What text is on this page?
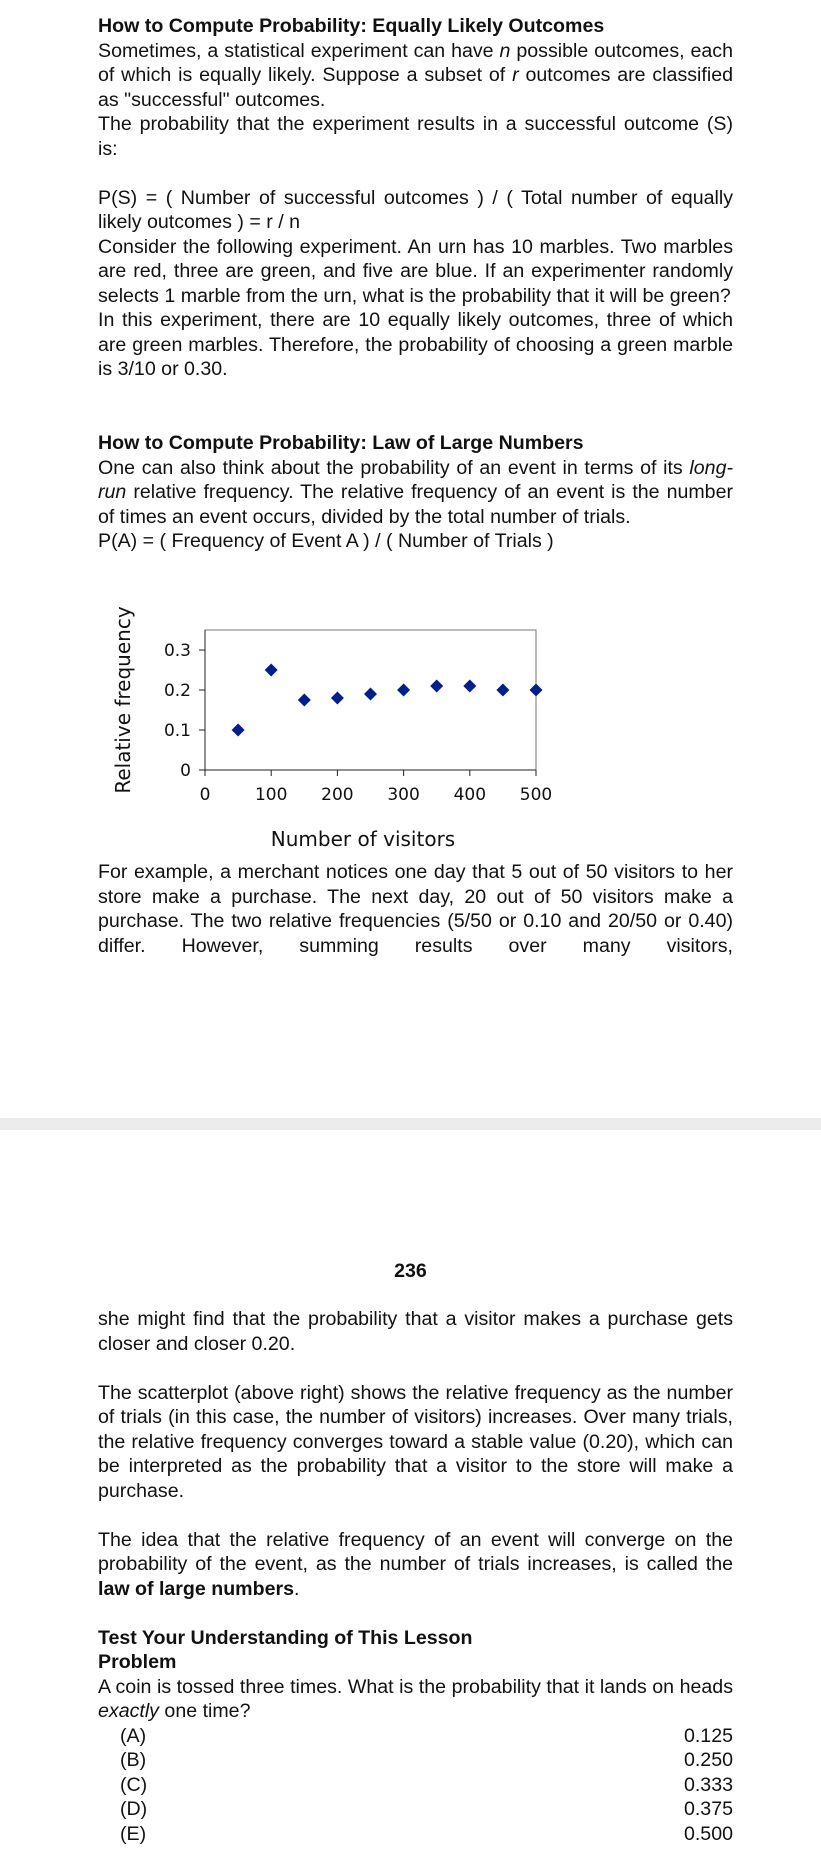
How to Compute Probability: Equally Likely Outcomes

Sometimes, a statistical experiment can have n possible outcomes, each of which is equally likely. Suppose a subset of r outcomes are classified as "successful" outcomes.

The probability that the experiment results in a successful outcome (S) is:

P(S) = ( Number of successful outcomes ) / ( Total number of equally likely outcomes ) = r / n

Consider the following experiment. An urn has 10 marbles. Two marbles are red, three are green, and five are blue. If an experimenter randomly selects 1 marble from the urn, what is the probability that it will be green?

In this experiment, there are 10 equally likely outcomes, three of which are green marbles. Therefore, the probability of choosing a green marble is 3/10 or 0.30.

How to Compute Probability: Law of Large Numbers

One can also think about the probability of an event in terms of its long-run relative frequency. The relative frequency of an event is the number of times an event occurs, divided by the total number of trials.

P(A) = ( Frequency of Event A ) / ( Number of Trials )

0
0.1
0.2
0.3
0	100 200 300 400 500
Number of visitors
Relative frequency

For example, a merchant notices one day that 5 out of 50 visitors to her store make a purchase. The next day, 20 out of 50 visitors make a purchase. The two relative frequencies (5/50 or 0.10 and 20/50 or 0.40) differ. However, summing results over many visitors,

236

she might find that the probability that a visitor makes a purchase gets closer and closer 0.20.

The scatterplot (above right) shows the relative frequency as the number of trials (in this case, the number of visitors) increases. Over many trials, the relative frequency converges toward a stable value (0.20), which can be interpreted as the probability that a visitor to the store will make a purchase.

The idea that the relative frequency of an event will converge on the probability of the event, as the number of trials increases, is called the law of large numbers.

Test Your Understanding of This Lesson
Problem

A coin is tossed three times. What is the probability that it lands on heads exactly one time?

(A)	0.125
(B)	0.250
(C)	0.333
(D)	0.375
(E)	0.500
